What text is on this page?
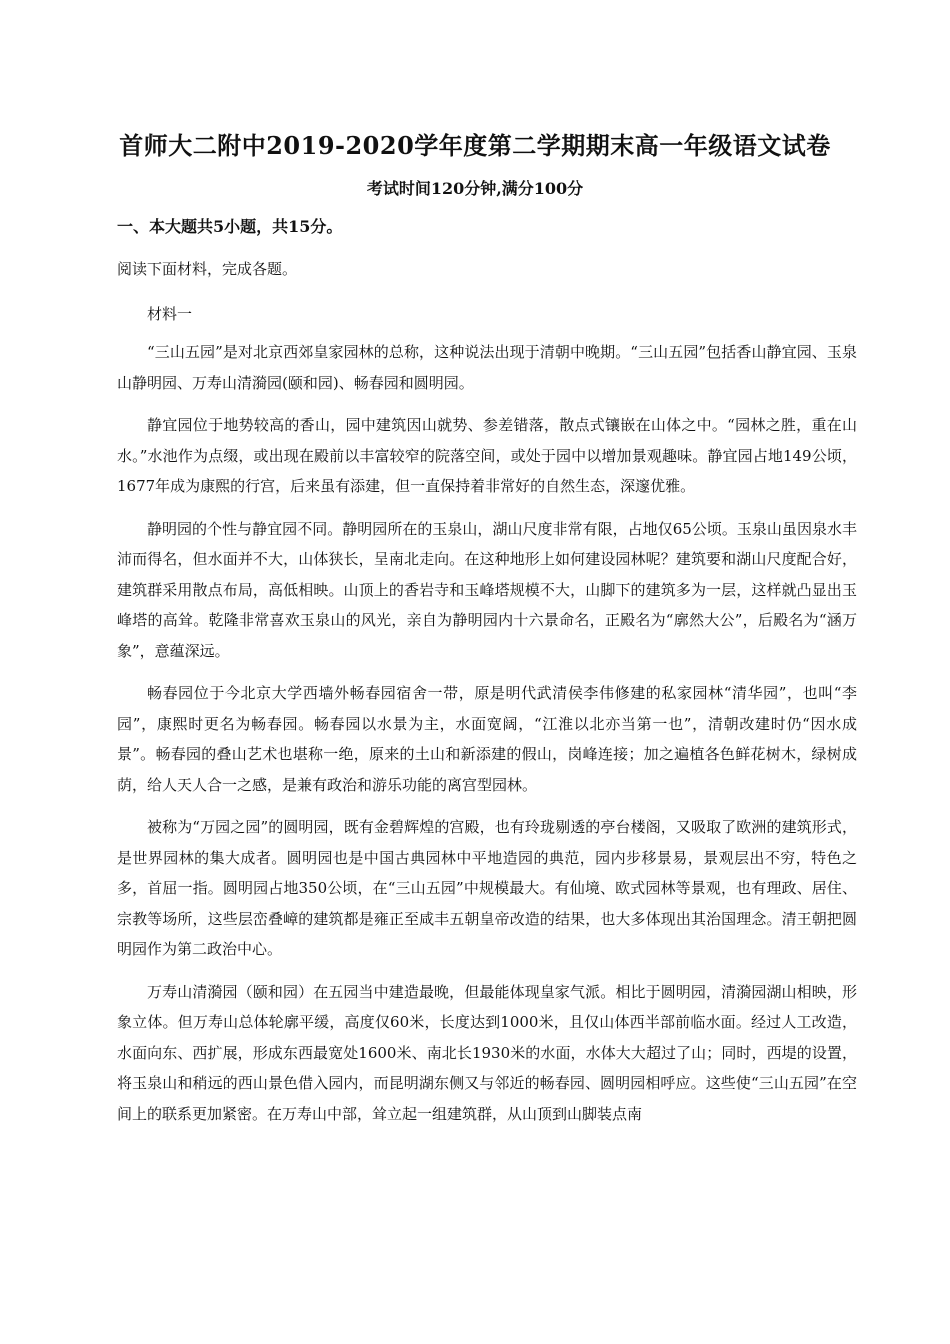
首师大二附中2019-2020学年度第二学期期末高一年级语文试卷
考试时间120分钟,满分100分
一、本大题共5小题，共15分。
阅读下面材料，完成各题。
材料一

“三山五园”是对北京西郊皇家园林的总称，这种说法出现于清朝中晚期。“三山五园”包括香山静宜园、玉泉山静明园、万寿山清漪园(颐和园)、畅春园和圆明园。

静宜园位于地势较高的香山，园中建筑因山就势、参差错落，散点式镶嵌在山体之中。“园林之胜，重在山水。”水池作为点缀，或出现在殿前以丰富较窄的院落空间，或处于园中以增加景观趣味。静宜园占地149公顷，1677年成为康熙的行宫，后来虽有添建，但一直保持着非常好的自然生态，深邃优雅。

静明园的个性与静宜园不同。静明园所在的玉泉山，湖山尺度非常有限，占地仅65公顷。玉泉山虽因泉水丰沛而得名，但水面并不大，山体狭长，呈南北走向。在这种地形上如何建设园林呢？建筑要和湖山尺度配合好，建筑群采用散点布局，高低相映。山顶上的香岩寺和玉峰塔规模不大，山脚下的建筑多为一层，这样就凸显出玉峰塔的高耸。乾隆非常喜欢玉泉山的风光，亲自为静明园内十六景命名，正殿名为“廓然大公”，后殿名为“涵万象”，意蕴深远。

畅春园位于今北京大学西墙外畅春园宿舍一带，原是明代武清侯李伟修建的私家园林“清华园”，也叫“李园”，康熙时更名为畅春园。畅春园以水景为主，水面宽阔，“江淮以北亦当第一也”，清朝改建时仍“因水成景”。畅春园的叠山艺术也堪称一绝，原来的土山和新添建的假山，岗峰连接；加之遍植各色鲜花树木，绿树成荫，给人天人合一之感，是兼有政治和游乐功能的离宫型园林。

被称为“万园之园”的圆明园，既有金碧辉煌的宫殿，也有玲珑剔透的亭台楼阁，又吸取了欧洲的建筑形式，是世界园林的集大成者。圆明园也是中国古典园林中平地造园的典范，园内步移景易，景观层出不穷，特色之多，首屈一指。圆明园占地350公顷，在“三山五园”中规模最大。有仙境、欧式园林等景观，也有理政、居住、宗教等场所，这些层峦叠嶂的建筑都是雍正至咸丰五朝皇帝改造的结果，也大多体现出其治国理念。清王朝把圆明园作为第二政治中心。

万寿山清漪园（颐和园）在五园当中建造最晚，但最能体现皇家气派。相比于圆明园，清漪园湖山相映，形象立体。但万寿山总体轮廓平缓，高度仅60米，长度达到1000米，且仅山体西半部前临水面。经过人工改造，水面向东、西扩展，形成东西最宽处1600米、南北长1930米的水面，水体大大超过了山；同时，西堤的设置，将玉泉山和稍远的西山景色借入园内，而昆明湖东侧又与邻近的畅春园、圆明园相呼应。这些使“三山五园”在空间上的联系更加紧密。在万寿山中部，耸立起一组建筑群，从山顶到山脚装点南
